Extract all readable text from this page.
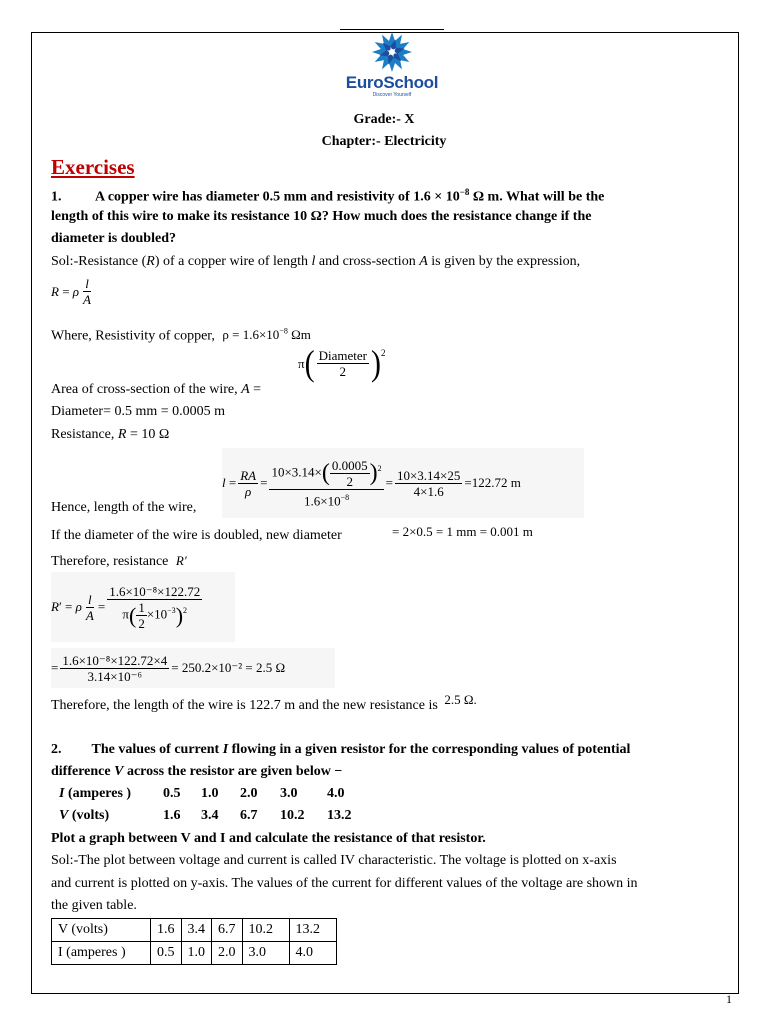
EuroSchool
Discover Yourself
Grade:- X
Chapter:- Electricity
Exercises
1. A copper wire has diameter 0.5 mm and resistivity of $1.6 \times 10^{-8}$ Ω m. What will be the
length of this wire to make its resistance 10 Ω? How much does the resistance change if the
diameter is doubled?
Sol:-Resistance (R) of a copper wire of length l and cross-section A is given by the expression,
R = ρ $\frac{l}{A}$
Where, Resistivity of copper, $\rho = 1.6\times 10^{-8}$ Ωm
π ( $\frac{\text{Diameter}}{2} )^2$
Area of cross-section of the wire, A =
Diameter= 0.5 mm = 0.0005 m
Resistance, R = 10 Ω
$l = \frac{RA}{\rho} = \frac{10\times 3.14\times( \frac{0.0005}{2} )^2}{1.6\times 10^{-8}} = \frac{10\times 3.14\times 25}{4\times 1.6} =122.72$ m
Hence, length of the wire,
If the diameter of the wire is doubled, new diameter	= 2×0.5 = 1 mm = 0.001 m
Therefore, resistance R′
R ′ = ρ $\frac{l}{A} = \frac{\text{1.6×10⁻⁸×122.72}}{\pi( \frac{1}{2} \times 10^{-3})^2}$
= $\frac{\text{1.6×10⁻⁸×122.72×4}}{\text{3.14×10⁻⁶}} = 250.2\times 10^{-2} = 2.5$ Ω
Therefore, the length of the wire is 122.7 m and the new resistance is 2.5 Ω.
2. The values of current I flowing in a given resistor for the corresponding values of potential
difference V across the resistor are given below −
I (amperes ) 0.5 1.0 2.0 3.0 4.0
V (volts)	1.6 3.4 6.7 10.2 13.2
Plot a graph between V and I and calculate the resistance of that resistor.
Sol:-The plot between voltage and current is called IV characteristic. The voltage is plotted on x-axis
and current is plotted on y-axis. The values of the current for different values of the voltage are shown in
the given table.
V (volts)	1.6	3.4	6.7	10.2	13.2
I (amperes )	0.5	1.0	2.0	3.0	4.0
1
